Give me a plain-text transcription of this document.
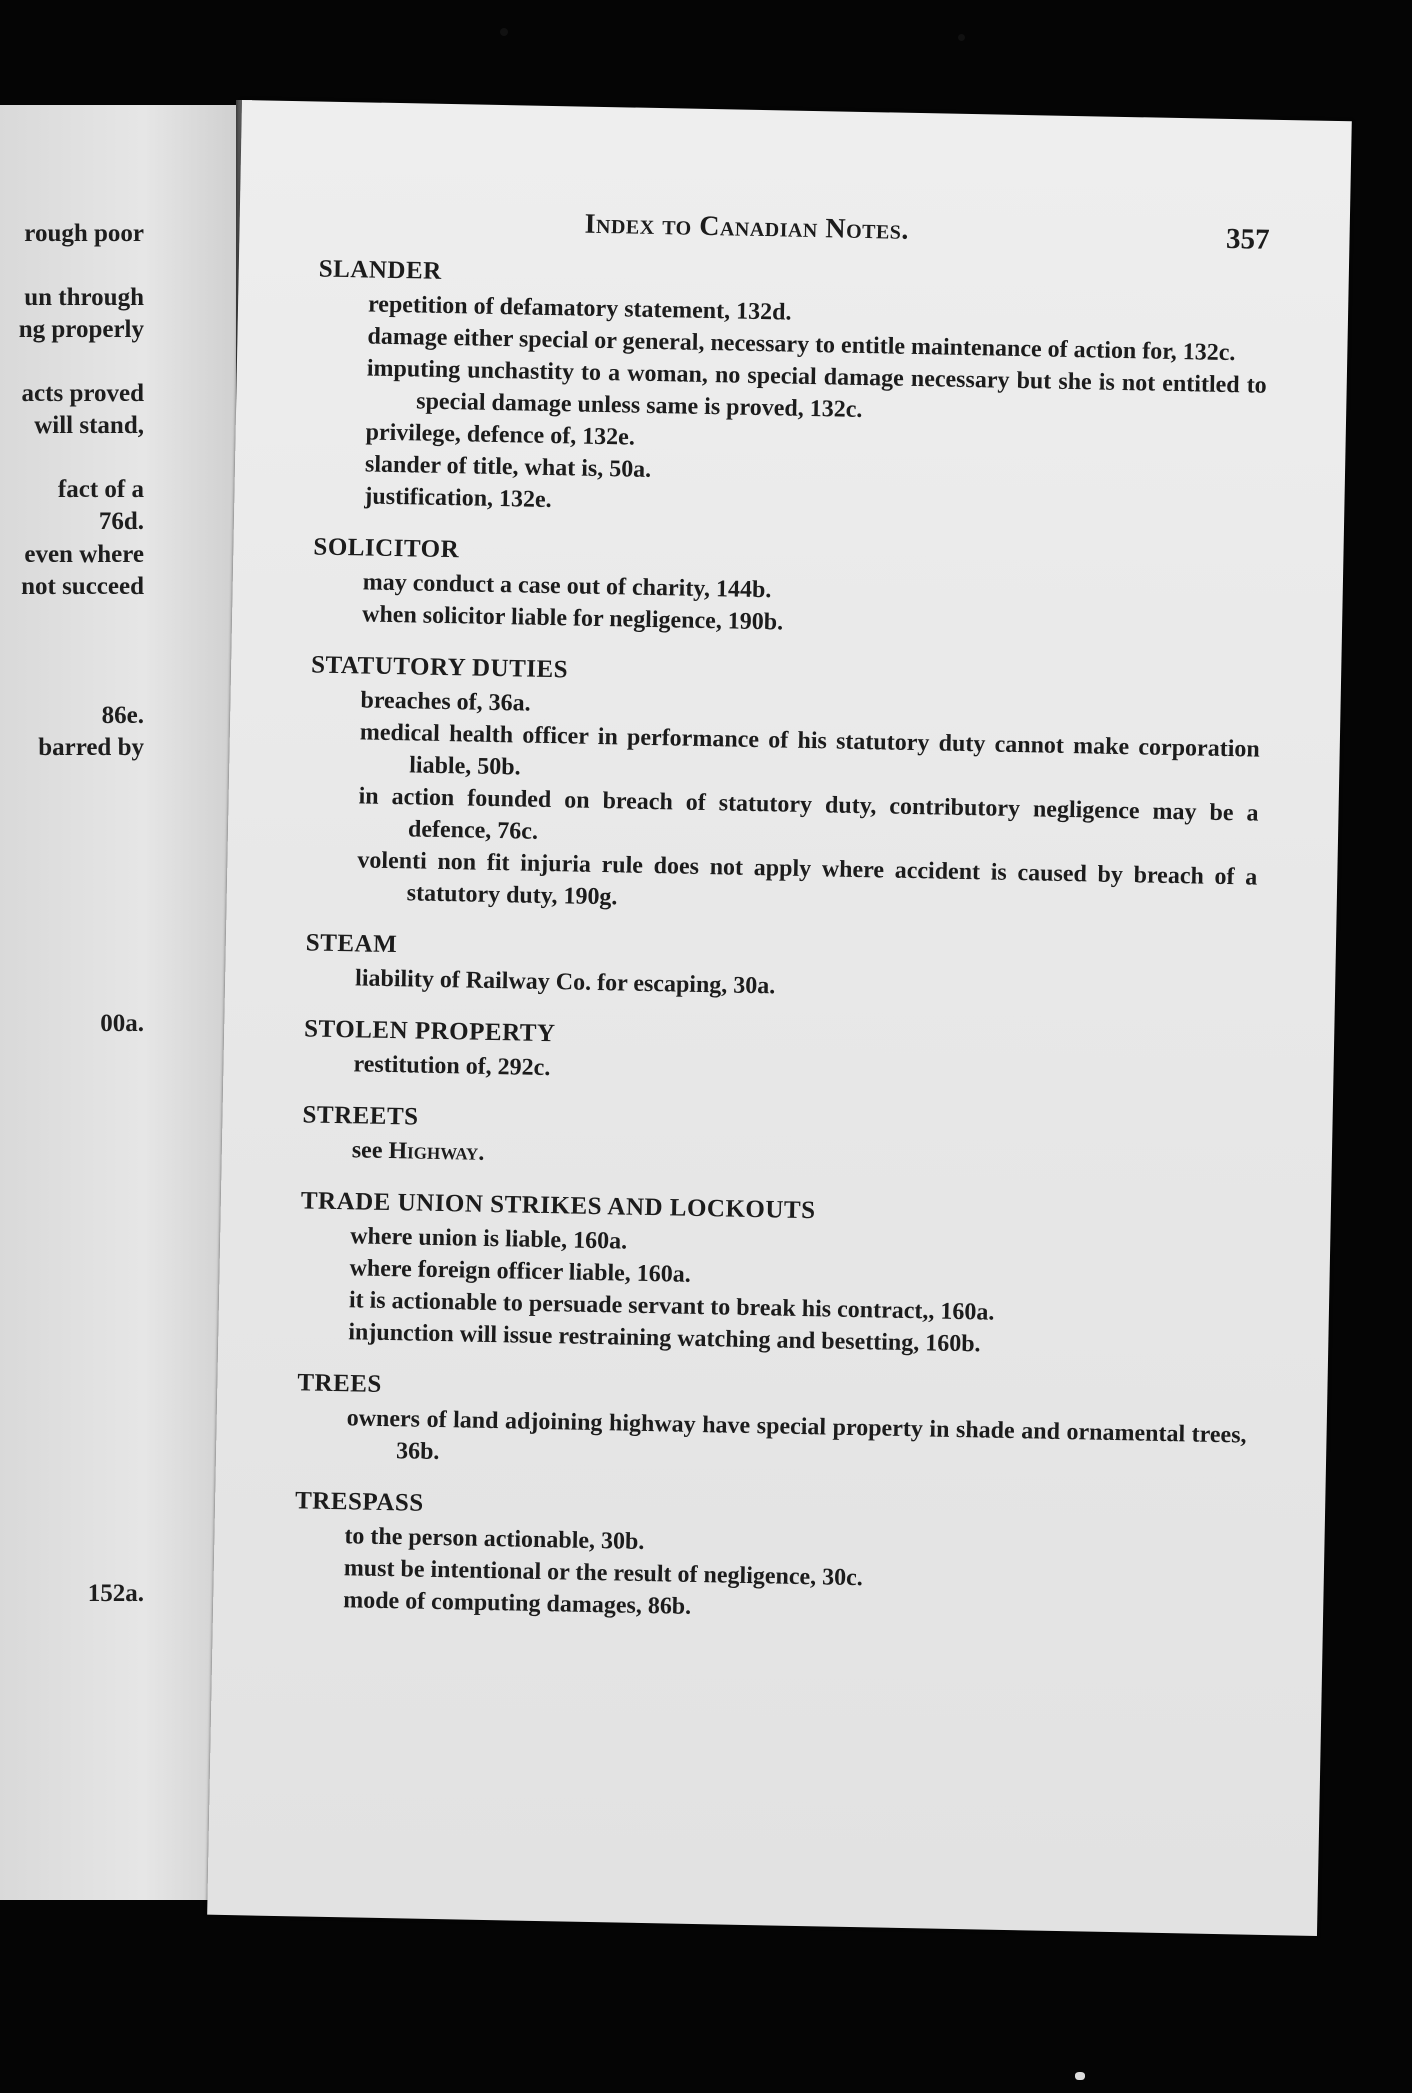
rough poor
un through
ng properly
acts proved
will stand,
fact of a
76d.
even where
not succeed
86e.
barred by
00a.
152a.
Index to Canadian Notes.	357
SLANDER
repetition of defamatory statement, 132d.
damage either special or general, necessary to entitle maintenance of action for, 132c.
imputing unchastity to a woman, no special damage necessary but she is not entitled to special damage unless same is proved, 132c.
privilege, defence of, 132e.
slander of title, what is, 50a.
justification, 132e.
SOLICITOR
may conduct a case out of charity, 144b.
when solicitor liable for negligence, 190b.
STATUTORY DUTIES
breaches of, 36a.
medical health officer in performance of his statutory duty cannot make corporation liable, 50b.
in action founded on breach of statutory duty, contributory negligence may be a defence, 76c.
volenti non fit injuria rule does not apply where accident is caused by breach of a statutory duty, 190g.
STEAM
liability of Railway Co. for escaping, 30a.
STOLEN PROPERTY
restitution of, 292c.
STREETS
see Highway.
TRADE UNION STRIKES AND LOCKOUTS
where union is liable, 160a.
where foreign officer liable, 160a.
it is actionable to persuade servant to break his contract,, 160a.
injunction will issue restraining watching and besetting, 160b.
TREES
owners of land adjoining highway have special property in shade and ornamental trees, 36b.
TRESPASS
to the person actionable, 30b.
must be intentional or the result of negligence, 30c.
mode of computing damages, 86b.
